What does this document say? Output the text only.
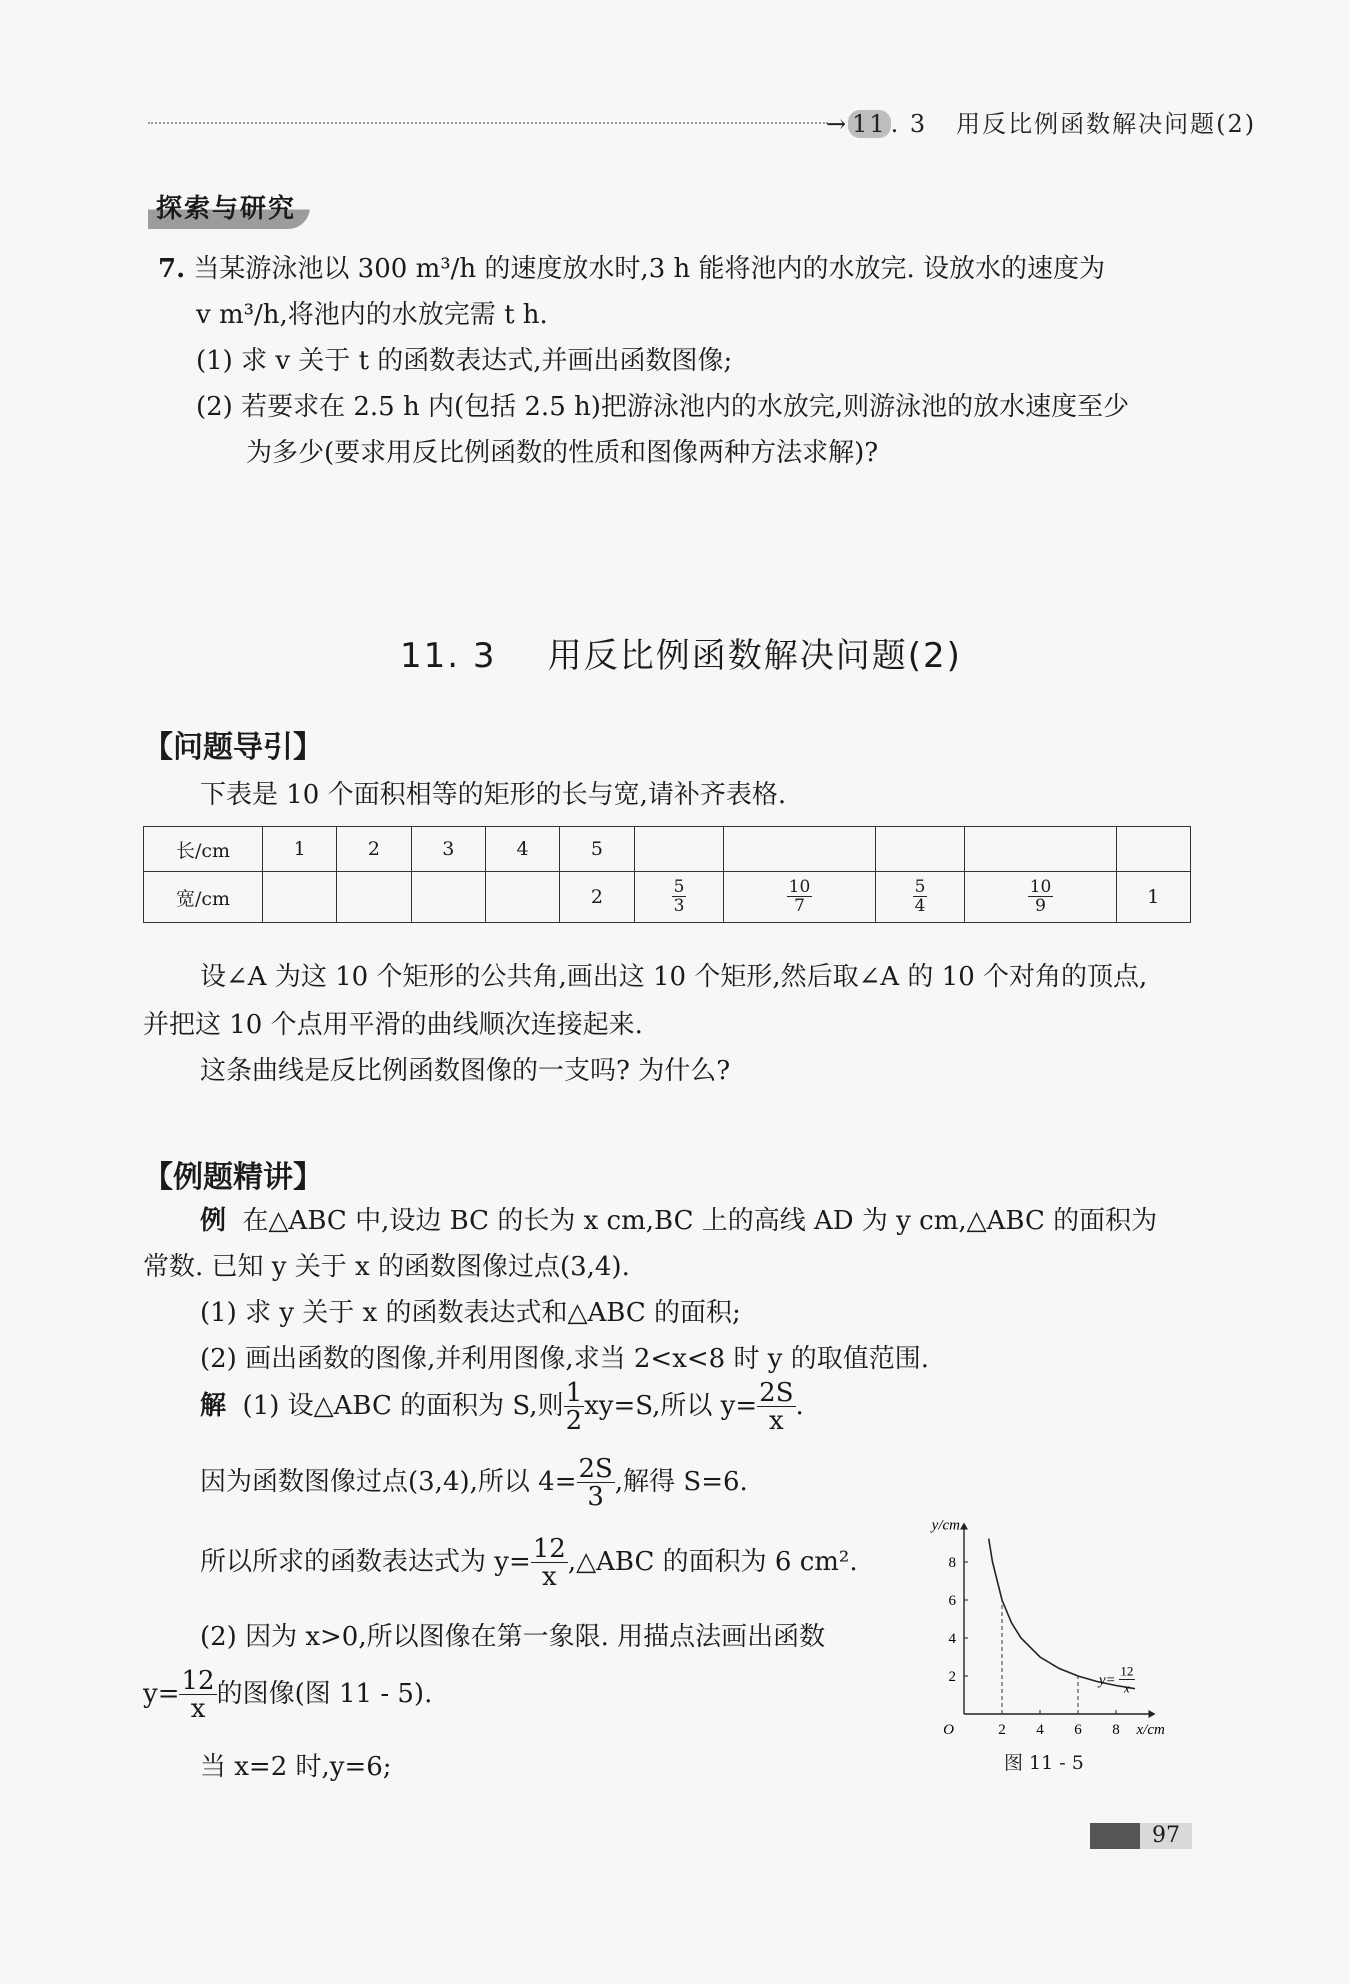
→ 11 . 3 用反比例函数解决问题(2)
探索与研究
7. 当某游泳池以 300 m³/h 的速度放水时,3 h 能将池内的水放完. 设放水的速度为
v m³/h,将池内的水放完需 t h.
(1) 求 v 关于 t 的函数表达式,并画出函数图像;
(2) 若要求在 2.5 h 内(包括 2.5 h)把游泳池内的水放完,则游泳池的放水速度至少
为多少(要求用反比例函数的性质和图像两种方法求解)?
11. 3 用反比例函数解决问题(2)
【问题导引】
下表是 10 个面积相等的矩形的长与宽,请补齐表格.
长/cm	1	2	3	4	5					
宽/cm					2	$\frac{5}{3}$	$\frac{10}{7}$	$\frac{5}{4}$	$\frac{10}{9}$	1
设∠A 为这 10 个矩形的公共角,画出这 10 个矩形,然后取∠A 的 10 个对角的顶点,
并把这 10 个点用平滑的曲线顺次连接起来.
这条曲线是反比例函数图像的一支吗? 为什么?
【例题精讲】
例 在△ABC 中,设边 BC 的长为 x cm,BC 上的高线 AD 为 y cm,△ABC 的面积为
常数. 已知 y 关于 x 的函数图像过点(3,4).
(1) 求 y 关于 x 的函数表达式和△ABC 的面积;
(2) 画出函数的图像,并利用图像,求当 2<x<8 时 y 的取值范围.
解 (1) 设△ABC 的面积为 S,则 $\frac{1}{2} xy=S$,所以 $y= \frac{2S}{x}$ .
因为函数图像过点(3,4),所以 $4= \frac{2S}{3}$ ,解得 S=6.
所以所求的函数表达式为 $y= \frac{12}{x}$ ,△ABC 的面积为 6 cm².
(2) 因为 x>0,所以图像在第一象限. 用描点法画出函数
$y= \frac{12}{x}$ 的图像(图 11 - 5).
当 x=2 时,y=6;
2 4 6 8
2
4
6
8
O	x/cm
y/cm
y=
12
x
图 11 - 5
97
